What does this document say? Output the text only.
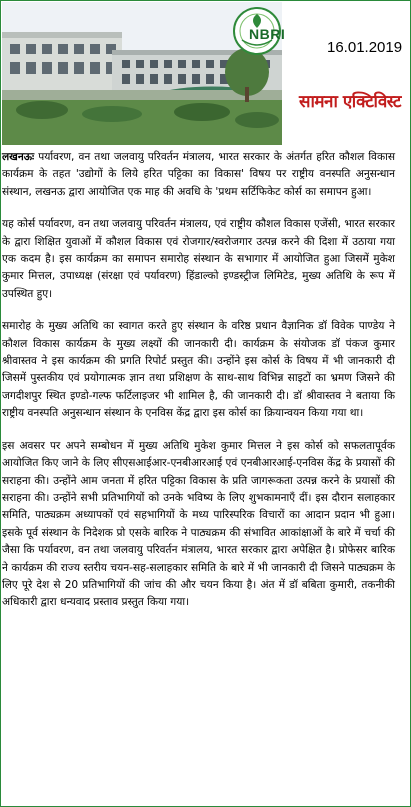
NBRI
16.01.2019
सामना एक्टिविस्ट

लखनऊः पर्यावरण, वन तथा जलवायु परिवर्तन मंत्रालय, भारत सरकार के अंतर्गत हरित कौशल विकास कार्यक्रम के तहत 'उद्योगों के लिये हरित पट्टिका का विकास' विषय पर राष्ट्रीय वनस्पति अनुसन्धान संस्थान, लखनऊ द्वारा आयोजित एक माह की अवधि के 'प्रथम सर्टिफिकेट कोर्स का समापन हुआ।

यह कोर्स पर्यावरण, वन तथा जलवायु परिवर्तन मंत्रालय, एवं राष्ट्रीय कौशल विकास एजेंसी, भारत सरकार के द्वारा शिक्षित युवाओं में कौशल विकास एवं रोजगार/स्वरोजगार उत्पन्न करने की दिशा में उठाया गया एक कदम है। इस कार्यक्रम का समापन समारोह संस्थान के सभागार में आयोजित हुआ जिसमें मुकेश कुमार मित्तल, उपाध्यक्ष (संरक्षा एवं पर्यावरण) हिंडाल्को इण्डस्ट्रीज लिमिटेड, मुख्य अतिथि के रूप में उपस्थित हुए।

समारोह के मुख्य अतिथि का स्वागत करते हुए संस्थान के वरिष्ठ प्रधान वैज्ञानिक डॉ विवेक पाण्डेय ने कौशल विकास कार्यक्रम के मुख्य लक्ष्यों की जानकारी दी। कार्यक्रम के संयोजक डॉ पंकज कुमार श्रीवास्तव ने इस कार्यक्रम की प्रगति रिपोर्ट प्रस्तुत की। उन्होंने इस कोर्स के विषय में भी जानकारी दी जिसमें पुस्तकीय एवं प्रयोगात्मक ज्ञान तथा प्रशिक्षण के साथ-साथ विभिन्न साइटों का भ्रमण जिसने की जगदीशपुर स्थित इण्डो-गल्फ फर्टिलाइजर भी शामिल है, की जानकारी दी। डॉ श्रीवास्तव ने बताया कि राष्ट्रीय वनस्पति अनुसन्धान संस्थान के एनविस केंद्र द्वारा इस कोर्स का क्रियान्वयन किया गया था।

इस अवसर पर अपने सम्बोधन में मुख्य अतिथि मुकेश कुमार मित्तल ने इस कोर्स को सफलतापूर्वक आयोजित किए जाने के लिए सीएसआईआर-एनबीआरआई एवं एनबीआरआई-एनविस केंद्र के प्रयासों की सराहना की। उन्होंने आम जनता में हरित पट्टिका विकास के प्रति जागरूकता उत्पन्न करने के प्रयासों की सराहना की। उन्होंने सभी प्रतिभागियों को उनके भविष्य के लिए शुभकामनाएँ दीं। इस दौरान सलाहकार समिति, पाठ्यक्रम अध्यापकों एवं सहभागियों के मध्य पारिस्परिक विचारों का आदान प्रदान भी हुआ। इसके पूर्व संस्थान के निदेशक प्रो एसके बारिक ने पाठ्यक्रम की संभावित आकांक्षाओं के बारे में चर्चा की जैसा कि पर्यावरण, वन तथा जलवायु परिवर्तन मंत्रालय, भारत सरकार द्वारा अपेक्षित है। प्रोफेसर बारिक ने कार्यक्रम की राज्य स्तरीय चयन-सह-सलाहकार समिति के बारे में भी जानकारी दी जिसने पाठ्यक्रम के लिए पूरे देश से 20 प्रतिभागियों की जांच की और चयन किया है। अंत में डॉ बबिता कुमारी, तकनीकी अधिकारी द्वारा धन्यवाद प्रस्ताव प्रस्तुत किया गया।
